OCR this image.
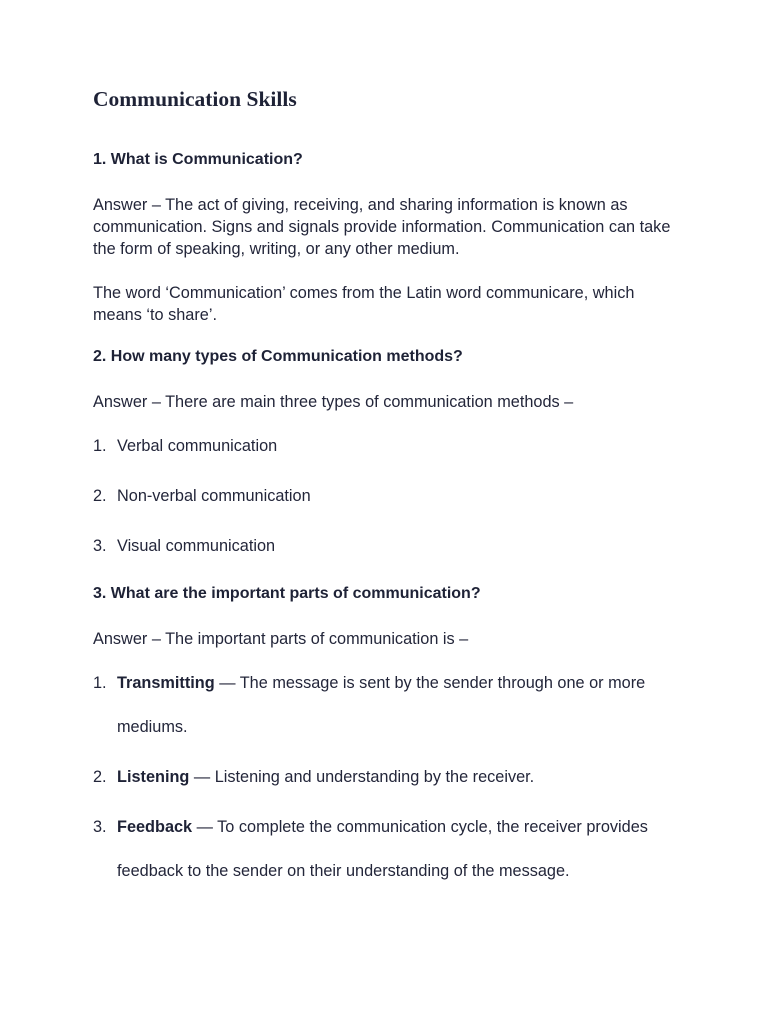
Communication Skills

1. What is Communication?

Answer – The act of giving, receiving, and sharing information is known as communication. Signs and signals provide information. Communication can take the form of speaking, writing, or any other medium.

The word ‘Communication’ comes from the Latin word communicare, which means ‘to share’.

2. How many types of Communication methods?

Answer – There are main three types of communication methods –

1. Verbal communication
2. Non-verbal communication
3. Visual communication

3. What are the important parts of communication?

Answer – The important parts of communication is –

1. Transmitting — The message is sent by the sender through one or more mediums.
2. Listening — Listening and understanding by the receiver.
3. Feedback — To complete the communication cycle, the receiver provides feedback to the sender on their understanding of the message.
